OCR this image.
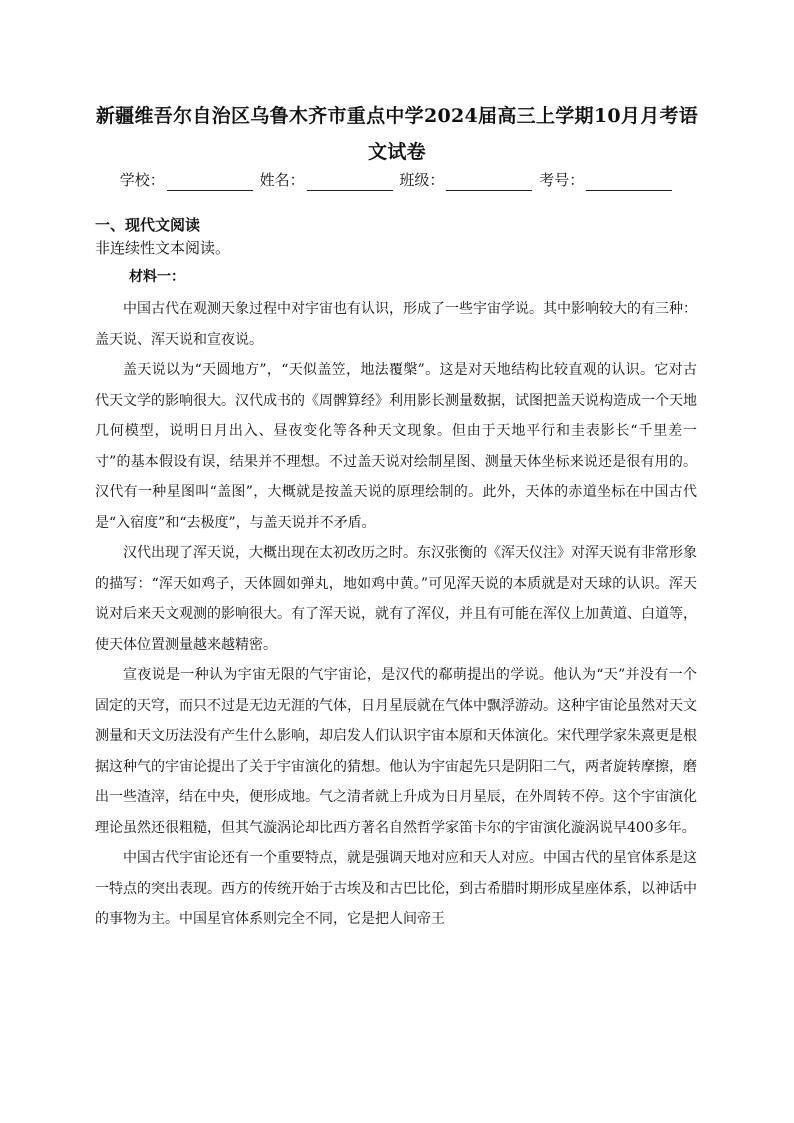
新疆维吾尔自治区乌鲁木齐市重点中学2024届高三上学期10月月考语文试卷
学校：	姓名：	班级：	考号：
一、现代文阅读
非连续性文本阅读。
材料一：

中国古代在观测天象过程中对宇宙也有认识，形成了一些宇宙学说。其中影响较大的有三种：盖天说、浑天说和宣夜说。

盖天说以为“天圆地方”，“天似盖笠，地法覆槃”。这是对天地结构比较直观的认识。它对古代天文学的影响很大。汉代成书的《周髀算经》利用影长测量数据，试图把盖天说构造成一个天地几何模型，说明日月出入、昼夜变化等各种天文现象。但由于天地平行和圭表影长“千里差一寸”的基本假设有误，结果并不理想。不过盖天说对绘制星图、测量天体坐标来说还是很有用的。汉代有一种星图叫“盖图”，大概就是按盖天说的原理绘制的。此外，天体的赤道坐标在中国古代是“入宿度”和“去极度”，与盖天说并不矛盾。

汉代出现了浑天说，大概出现在太初改历之时。东汉张衡的《浑天仪注》对浑天说有非常形象的描写：“浑天如鸡子，天体圆如弹丸，地如鸡中黄。”可见浑天说的本质就是对天球的认识。浑天说对后来天文观测的影响很大。有了浑天说，就有了浑仪，并且有可能在浑仪上加黄道、白道等，使天体位置测量越来越精密。

宣夜说是一种认为宇宙无限的气宇宙论，是汉代的郗萌提出的学说。他认为“天”并没有一个固定的天穹，而只不过是无边无涯的气体，日月星辰就在气体中飘浮游动。这种宇宙论虽然对天文测量和天文历法没有产生什么影响，却启发人们认识宇宙本原和天体演化。宋代理学家朱熹更是根据这种气的宇宙论提出了关于宇宙演化的猜想。他认为宇宙起先只是阴阳二气，两者旋转摩擦，磨出一些渣滓，结在中央，便形成地。气之清者就上升成为日月星辰，在外周转不停。这个宇宙演化理论虽然还很粗糙，但其气漩涡论却比西方著名自然哲学家笛卡尔的宇宙演化漩涡说早400多年。

中国古代宇宙论还有一个重要特点，就是强调天地对应和天人对应。中国古代的星官体系是这一特点的突出表现。西方的传统开始于古埃及和古巴比伦，到古希腊时期形成星座体系，以神话中的事物为主。中国星官体系则完全不同，它是把人间帝王
